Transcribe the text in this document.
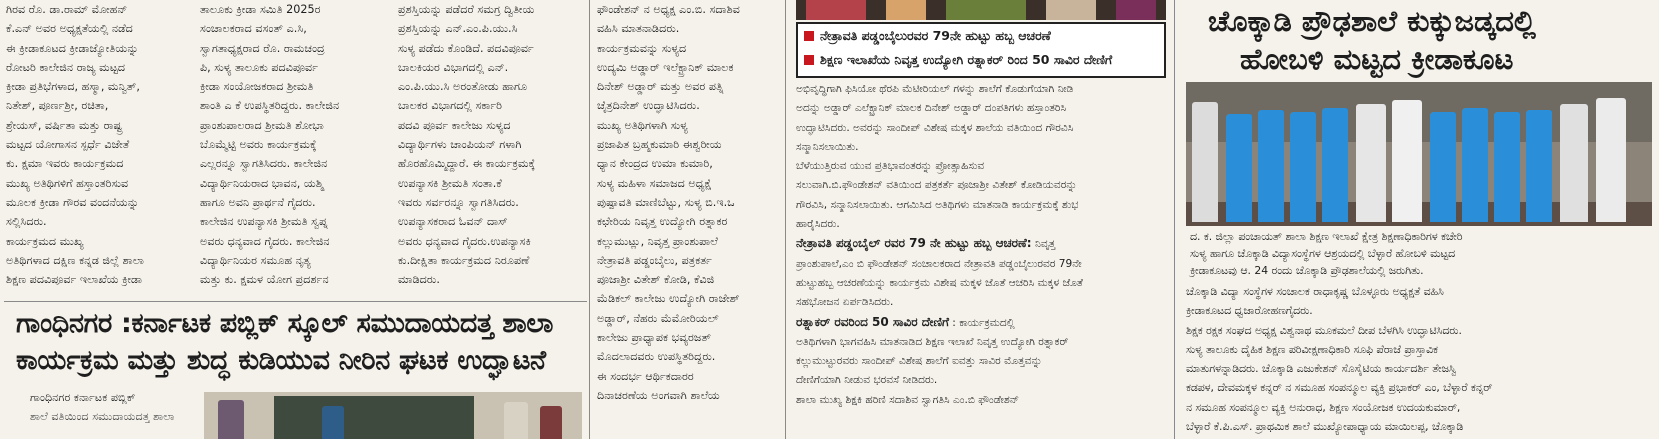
ಗಿರವ ರೊ. ಡಾ.ರಾಮ್ ಮೋಹನ್
ಕೆ.ಎನ್ ಅವರ ಅಧ್ಯಕ್ಷತೆಯಲ್ಲಿ ನಡೆದ
ಈ ಕ್ರೀಡಾಕೂಟದ ಕ್ರೀಡಾಜ್ಯೋತಿಯನ್ನು
ರೋಟರಿ ಕಾಲೇಜಿನ ರಾಜ್ಯ ಮಟ್ಟದ
ಕ್ರೀಡಾ ಪ್ರತಿಭೆಗಳಾದ, ಹಸ್ಮಾ, ಮನ್ವಿತ್,
ನಿತೇಶ್, ಪೂರ್ಣಶ್ರೀ, ರಚಿತಾ,
ಶ್ರೇಯಸ್, ವರ್ಷಿತಾ ಮತ್ತು ರಾಷ್ಟ್ರ
ಮಟ್ಟದ ಯೋಗಾಸನ ಸ್ಪರ್ಧೆ ವಿಜೇತೆ
ಕು. ಕ್ಷಮಾ ಇವರು ಕಾರ್ಯಕ್ರಮದ
ಮುಖ್ಯ ಅತಿಥಿಗಳಿಗೆ ಹಸ್ತಾಂತರಿಸುವ
ಮೂಲಕ ಕ್ರೀಡಾ ಗೌರವ ವಂದನೆಯನ್ನು
ಸಲ್ಲಿಸಿದರು.
ಕಾರ್ಯಕ್ರಮದ ಮುಖ್ಯ
ಅತಿಥಿಗಳಾದ ದಕ್ಷಿಣ ಕನ್ನಡ ಜಿಲ್ಲೆ ಶಾಲಾ
ಶಿಕ್ಷಣ ಪದವಿಪೂರ್ವ ಇಲಾಖೆಯ ಕ್ರೀಡಾ
ತಾಲೂಕು ಕ್ರೀಡಾ ಸಮಿತಿ 2025ರ
ಸಂಚಾಲಕರಾದ ವಸಂತ್ ಎ.ಸಿ,
ಸ್ವಾಗತಾಧ್ಯಕ್ಷರಾದ ರೊ. ರಾಮಚಂದ್ರ
ಪಿ, ಸುಳ್ಯ ತಾಲೂಕು ಪದವಿಪೂರ್ವ
ಕ್ರೀಡಾ ಸಂಯೋಜಕರಾದ ಶ್ರೀಮತಿ
ಶಾಂತಿ ಎ ಕೆ ಉಪಸ್ಥಿತರಿದ್ದರು. ಕಾಲೇಜಿನ
ಪ್ರಾಂಶುಪಾಲರಾದ ಶ್ರೀಮತಿ ಶೋಭಾ
ಬೊಮ್ಮೆಟ್ಟಿ ಅವರು ಕಾರ್ಯಕ್ರಮಕ್ಕೆ
ಎಲ್ಲರನ್ನೂ ಸ್ವಾಗತಿಸಿದರು. ಕಾಲೇಜಿನ
ವಿದ್ಯಾರ್ಥಿನಿಯರಾದ ಭಾವನ, ಯಶ್ಮಿ
ಹಾಗೂ ಅವನಿ ಪ್ರಾರ್ಥನೆ ಗೈದರು.
ಕಾಲೇಜಿನ ಉಪನ್ಯಾಸಕಿ ಶ್ರೀಮತಿ ಸ್ವಪ್ನ
ಅವರು ಧನ್ಯವಾದ ಗೈದರು. ಕಾಲೇಜಿನ
ವಿದ್ಯಾರ್ಥಿನಿಯರ ಸಮೂಹ ನೃತ್ಯ
ಮತ್ತು ಕು. ಕ್ಷಮಳ ಯೋಗ ಪ್ರದರ್ಶನ
ಪ್ರಶಸ್ತಿಯನ್ನು ಪಡೆದರೆ ಸಮಗ್ರ ದ್ವಿತೀಯ
ಪ್ರಶಸ್ತಿಯನ್ನು ಎನ್.ಎಂ.ಪಿ.ಯು.ಸಿ
ಸುಳ್ಯ ಪಡೆದು ಕೊಂಡಿದೆ. ಪದವಿಪೂರ್ವ
ಬಾಲಕಿಯರ ವಿಭಾಗದಲ್ಲಿ ಎನ್.
ಎಂ.ಪಿ.ಯು.ಸಿ ಅರಂತೋಡು ಹಾಗೂ
ಬಾಲಕರ ವಿಭಾಗದಲ್ಲಿ ಸರ್ಕಾರಿ
ಪದವಿ ಪೂರ್ವ ಕಾಲೇಜು ಸುಳ್ಯದ
ವಿದ್ಯಾರ್ಥಿಗಳು ಚಾಂಪಿಯನ್ ಗಳಾಗಿ
ಹೊರಹೊಮ್ಮಿದ್ದಾರೆ. ಈ ಕಾರ್ಯಕ್ರಮಕ್ಕೆ
ಉಪನ್ಯಾಸಕಿ ಶ್ರೀಮತಿ ಸಂತಾ.ಕೆ
ಇವರು ಸರ್ವರನ್ನೂ ಸ್ವಾಗತಿಸಿದರು.
ಉಪನ್ಯಾಸಕರಾದ ಓವನ್ ದಾಸ್
ಅವರು ಧನ್ಯವಾದ ಗೈದರು.ಉಪನ್ಯಾಸಕಿ
ಕು.ದೀಕ್ಷಿತಾ ಕಾರ್ಯಕ್ರಮದ ನಿರೂಪಣೆ
ಮಾಡಿದರು.
ಗಾಂಧಿನಗರ :ಕರ್ನಾಟಕ ಪಬ್ಲಿಕ್ ಸ್ಕೂಲ್ ಸಮುದಾಯದತ್ತ ಶಾಲಾ
ಕಾರ್ಯಕ್ರಮ ಮತ್ತು ಶುದ್ಧ ಕುಡಿಯುವ ನೀರಿನ ಘಟಕ ಉದ್ಘಾಟನೆ
ಗಾಂಧಿನಗರ ಕರ್ನಾಟಕ ಪಬ್ಲಿಕ್
ಶಾಲೆ ವತಿಯಿಂದ ಸಮುದಾಯದತ್ತ ಶಾಲಾ
ಫೌಂಡೇಶನ್ ನ ಅಧ್ಯಕ್ಷ ಎಂ.ಬಿ. ಸದಾಶಿವ
ವಹಿಸಿ ಮಾತನಾಡಿದರು.
ಕಾರ್ಯಕ್ರಮವನ್ನು ಸುಳ್ಯದ
ಉದ್ಯಮಿ ಅಡ್ಡಾರ್ ಇಲೆಕ್ಟ್ರಾನಿಕ್ ಮಾಲಕ
ದಿನೇಶ್ ಅಡ್ಡಾರ್ ಮತ್ತು ಅವರ ಪತ್ನಿ
ಚೈತ್ರದಿನೇಶ್ ಉದ್ಘಾಟಿಸಿದರು.
ಮುಖ್ಯ ಅತಿಥಿಗಳಾಗಿ ಸುಳ್ಯ
ಪ್ರಜಾಪಿತ ಬ್ರಹ್ಮಕುಮಾರಿ ಈಶ್ವರೀಯ
ಧ್ಯಾನ ಕೇಂದ್ರದ ಉಮಾ ಕುಮಾರಿ,
ಸುಳ್ಯ ಮಹಿಳಾ ಸಮಾಜದ ಅಧ್ಯಕ್ಷೆ
ಪುಷ್ಪಾವತಿ ಮಾಣಿಬೆಟ್ಟು, ಸುಳ್ಯ ಬಿ.ಇ.ಒ
ಕಛೇರಿಯ ನಿವೃತ್ತ ಉದ್ಯೋಗಿ ರತ್ನಾಕರ
ಕಲ್ಲುಮುಟ್ಲು, ನಿವೃತ್ತ ಪ್ರಾಂಶುಪಾಲೆ
ನೇತ್ರಾವತಿ ಪಡ್ಡಂಬೈಲು, ಪತ್ರಕರ್ತ
ಪೂಜಾಶ್ರೀ ವಿತೇಶ್ ಕೋಡಿ, ಕೆವಿಜಿ
ಮೆಡಿಕಲ್ ಕಾಲೇಜು ಉದ್ಯೋಗಿ ರಾಜೇಶ್
ಅಡ್ಡಾರ್, ನೆಹರು ಮೆಮೋರಿಯಲ್
ಕಾಲೇಜು ಪ್ರಾಧ್ಯಾಪಕ ಭವ್ಯರಜತ್
ಮೊದಲಾದವರು ಉಪಸ್ಥಿತರಿದ್ದರು.
ಈ ಸಂದರ್ಭ ಆರ್ಥಿಕದಾರರ
ದಿನಾಚರಣೆಯ ಅಂಗವಾಗಿ ಶಾಲೆಯ
ನೇತ್ರಾವತಿ ಪಡ್ಡಂಬೈಲುರವರ 79ನೇ ಹುಟ್ಟು ಹಬ್ಬ ಆಚರಣೆ
ಶಿಕ್ಷಣ ಇಲಾಖೆಯ ನಿವೃತ್ತ ಉದ್ಯೋಗಿ ರತ್ನಾಕರ್ ರಿಂದ 50 ಸಾವಿರ ದೇಣಿಗೆ
ಅಭಿವೃದ್ಧಿಗಾಗಿ ಫಿಸಿಯೋ ಥೆರಪಿ ಮೆಟೀರಿಯಲ್ ಗಳನ್ನು ಶಾಲೆಗೆ ಕೊಡುಗೆಯಾಗಿ ನೀಡಿ
ಅದನ್ನು ಅಡ್ಡಾರ್ ಎಲೆಕ್ಟ್ರಾನಿಕ್ ಮಾಲಕ ದಿನೇಶ್ ಅಡ್ಡಾರ್ ದಂಪತಿಗಳು ಹಸ್ತಾಂತರಿಸಿ
ಉದ್ಘಾಟಿಸಿದರು. ಅವರನ್ನು ಸಾಂದೀಪ್ ವಿಶೇಷ ಮಕ್ಕಳ ಶಾಲೆಯ ವತಿಯಿಂದ ಗೌರವಿಸಿ
ಸನ್ಮಾನಿಸಲಾಯಿತು.
ಬೆಳೆಯುತ್ತಿರುವ ಯುವ ಪ್ರತಿಭಾವಂತರನ್ನು ಪ್ರೋತ್ಸಾಹಿಸುವ
ಸಲುವಾಗಿ.ಬಿ.ಫೌಂಡೇಶನ್ ವತಿಯಿಂದ ಪತ್ರಕರ್ತೆ ಪೂಜಾಶ್ರೀ ವಿತೇಶ್ ಕೋಡಿಯವರನ್ನು
ಗೌರವಿಸಿ, ಸನ್ಮಾನಿಸಲಾಯಿತು. ಆಗಮಿಸಿದ ಅತಿಥಿಗಳು ಮಾತನಾಡಿ ಕಾರ್ಯಕ್ರಮಕ್ಕೆ ಶುಭ
ಹಾರೈಸಿದರು.
ನೇತ್ರಾವತಿ ಪಡ್ಡಂಬೈಲ್ ರವರ 79 ನೇ ಹುಟ್ಟು ಹಬ್ಬ ಆಚರಣೆ: ನಿವೃತ್ತ
ಪ್ರಾಂಶುಪಾಲೆ,ಎಂ ಬಿ ಫೌಂಡೇಶನ್ ಸಂಚಾಲಕರಾದ ನೇತ್ರಾವತಿ ಪಡ್ಡಂಬೈಲುರವರ 79ನೇ
ಹುಟ್ಟುಹಬ್ಬ ಆಚರಣೆಯನ್ನು ಕಾರ್ಯಕ್ರಮ ವಿಶೇಷ ಮಕ್ಕಳ ಜೊತೆ ಆಚರಿಸಿ ಮಕ್ಕಳ ಜೊತೆ
ಸಹಭೋಜನ ಏರ್ಪಡಿಸಿದರು.
ರತ್ನಾಕರ್ ರವರಿಂದ 50 ಸಾವಿರ ದೇಣಿಗೆ : ಕಾರ್ಯಕ್ರಮದಲ್ಲಿ
ಅತಿಥಿಗಳಾಗಿ ಭಾಗವಹಿಸಿ ಮಾತನಾಡಿದ ಶಿಕ್ಷಣ ಇಲಾಖೆ ನಿವೃತ್ತ ಉದ್ಯೋಗಿ ರತ್ನಾಕರ್
ಕಲ್ಲುಮುಟ್ಟುರವರು ಸಾಂದೀಪ್ ವಿಶೇಷ ಶಾಲೆಗೆ ಐವತ್ತು ಸಾವಿರ ಮೊತ್ತವನ್ನು
ದೇಣಿಗೆಯಾಗಿ ನೀಡುವ ಭರವಸೆ ನೀಡಿದರು.
ಶಾಲಾ ಮುಖ್ಯ ಶಿಕ್ಷಕಿ ಹರಿಣಿ ಸದಾಶಿವ ಸ್ವಾಗತಿಸಿ ಎಂ.ಬಿ ಫೌಂಡೇಶನ್
ಚೊಕ್ಕಾಡಿ ಪ್ರೌಢಶಾಲೆ ಕುಕ್ಕುಜಡ್ಕದಲ್ಲಿ
ಹೋಬಳಿ ಮಟ್ಟದ ಕ್ರೀಡಾಕೂಟ
ದ. ಕ. ಜಿಲ್ಲಾ ಪಂಚಾಯತ್ ಶಾಲಾ ಶಿಕ್ಷಣ ಇಲಾಖೆ ಕ್ಷೇತ್ರ ಶಿಕ್ಷಣಾಧಿಕಾರಿಗಳ ಕಚೇರಿ
ಸುಳ್ಯ ಹಾಗೂ ಚೊಕ್ಕಾಡಿ ವಿದ್ಯಾಸಂಸ್ಥೆಗಳ ಆಶ್ರಯದಲ್ಲಿ ಬೆಳ್ಳಾರೆ ಹೋಬಳಿ ಮಟ್ಟದ
ಕ್ರೀಡಾಕೂಟವು ಆ. 24 ರಂದು ಚೊಕ್ಕಾಡಿ ಪ್ರೌಢಶಾಲೆಯಲ್ಲಿ ಜರುಗಿತು.
ಚೊಕ್ಕಾಡಿ ವಿದ್ಯಾ ಸಂಸ್ಥೆಗಳ ಸಂಚಾಲಕ ರಾಧಾಕೃಷ್ಣ ಬೊಳ್ಳೂರು ಅಧ್ಯಕ್ಷತೆ ವಹಿಸಿ
ಕ್ರೀಡಾಕೂಟದ ಧ್ವಜಾರೋಹಣಗೈದರು.
ಶಿಕ್ಷಕ ರಕ್ಷಕ ಸಂಘದ ಅಧ್ಯಕ್ಷ ವಿಶ್ವನಾಥ ಮೂಕಮಲೆ ದೀಪ ಬೆಳಗಿಸಿ ಉದ್ಘಾಟಿಸಿದರು.
ಸುಳ್ಯ ತಾಲೂಕು ದೈಹಿಕ ಶಿಕ್ಷಣ ಪರಿವೀಕ್ಷಣಾಧಿಕಾರಿ ಸೂಫಿ ಪೆರಾಜೆ ಪ್ರಾಸ್ತಾವಿಕ
ಮಾತುಗಳನ್ನಾಡಿದರು. ಚೊಕ್ಕಾಡಿ ಎಜುಕೇಶನ್ ಸೊಸೈಟಿಯ ಕಾರ್ಯದರ್ಶಿ ತೇಜಸ್ವಿ
ಕಡಪಳ, ದೇವಮಕ್ಕಳ ಕನ್ನರ್ ನ ಸಮೂಹ ಸಂಪನ್ಮೂಲ ವ್ಯಕ್ತಿ ಪ್ರಭಾಕರ್ ಎಂ, ಬೆಳ್ಳಾರೆ ಕನ್ನರ್
ನ ಸಮೂಹ ಸಂಪನ್ಮೂಲ ವ್ಯಕ್ತಿ ಅನುರಾಧ, ಶಿಕ್ಷಣ ಸಂಯೋಜಕ ಉದಯಕುಮಾರ್,
ಬೆಳ್ಳಾರೆ ಕೆ.ಪಿ.ಎಸ್. ಪ್ರಾಥಮಿಕ ಶಾಲೆ ಮುಖ್ಯೋಪಾಧ್ಯಾಯ ಮಾಯಿಲಪ್ಪ, ಚೊಕ್ಕಾಡಿ
